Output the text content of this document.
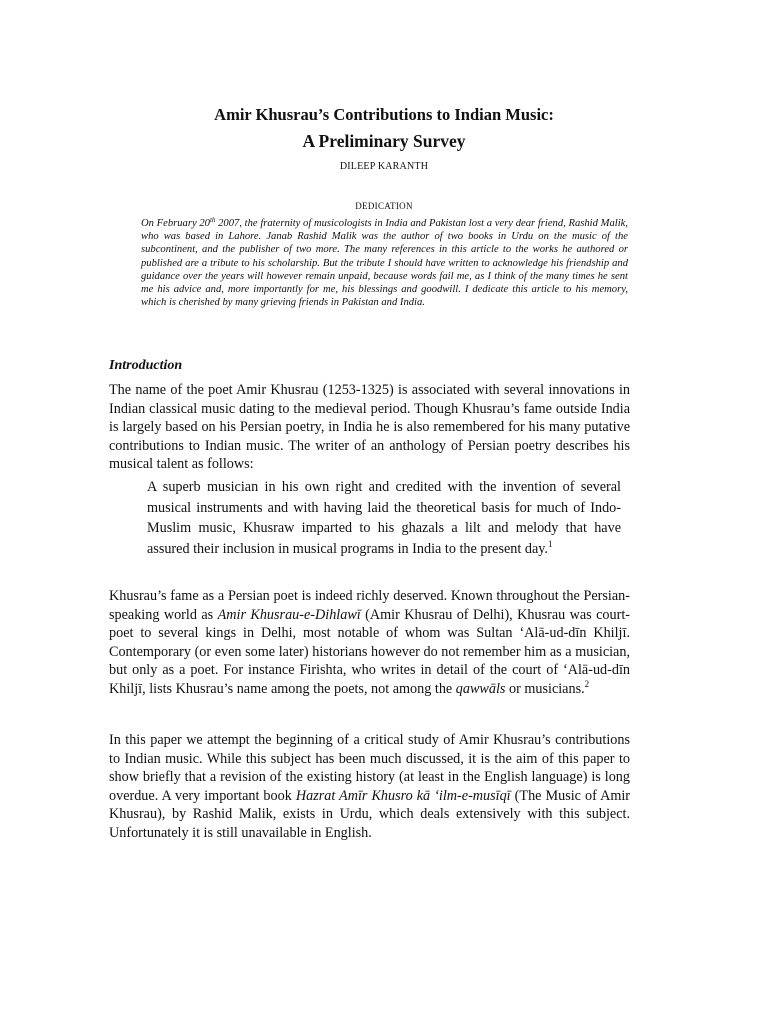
Amir Khusrau’s Contributions to Indian Music:
A Preliminary Survey
DILEEP KARANTH
DEDICATION

On February 20th 2007, the fraternity of musicologists in India and Pakistan lost a very dear friend, Rashid Malik, who was based in Lahore. Janab Rashid Malik was the author of two books in Urdu on the music of the subcontinent, and the publisher of two more. The many references in this article to the works he authored or published are a tribute to his scholarship. But the tribute I should have written to acknowledge his friendship and guidance over the years will however remain unpaid, because words fail me, as I think of the many times he sent me his advice and, more importantly for me, his blessings and goodwill. I dedicate this article to his memory, which is cherished by many grieving friends in Pakistan and India.

Introduction

The name of the poet Amir Khusrau (1253-1325) is associated with several innovations in Indian classical music dating to the medieval period. Though Khusrau’s fame outside India is largely based on his Persian poetry, in India he is also remembered for his many putative contributions to Indian music. The writer of an anthology of Persian poetry describes his musical talent as follows:

A superb musician in his own right and credited with the invention of several musical instruments and with having laid the theoretical basis for much of Indo-Muslim music, Khusraw imparted to his ghazals a lilt and melody that have assured their inclusion in musical programs in India to the present day.$^1$

Khusrau’s fame as a Persian poet is indeed richly deserved. Known throughout the Persian-speaking world as Amir Khusrau-e-Dihlawī (Amir Khusrau of Delhi), Khusrau was court-poet to several kings in Delhi, most notable of whom was Sultan ‘Alā-ud-dīn Khiljī. Contemporary (or even some later) historians however do not remember him as a musician, but only as a poet. For instance Firishta, who writes in detail of the court of ‘Alā-ud-dīn Khiljī, lists Khusrau’s name among the poets, not among the qawwāls or musicians.$^2$

In this paper we attempt the beginning of a critical study of Amir Khusrau’s contributions to Indian music. While this subject has been much discussed, it is the aim of this paper to show briefly that a revision of the existing history (at least in the English language) is long overdue. A very important book Hazrat Amīr Khusro kā ‘ilm-e-musīqī (The Music of Amir Khusrau), by Rashid Malik, exists in Urdu, which deals extensively with this subject. Unfortunately it is still unavailable in English.
